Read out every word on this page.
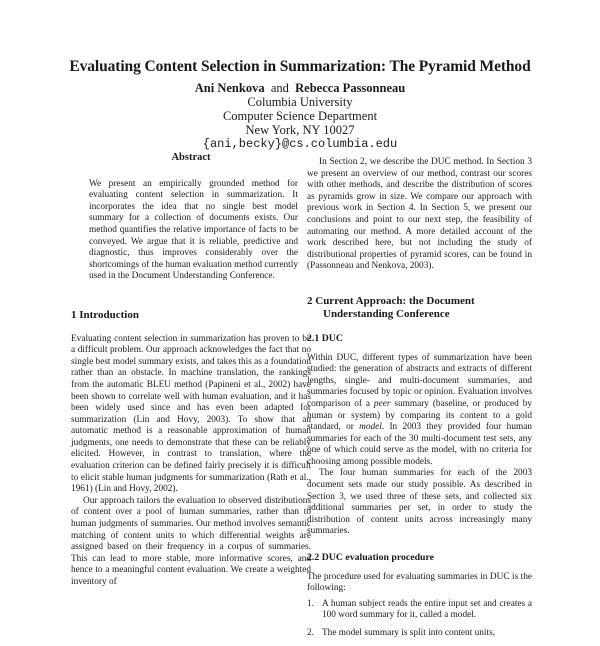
Evaluating Content Selection in Summarization: The Pyramid Method
Ani Nenkova and Rebecca Passonneau
Columbia University
Computer Science Department
New York, NY 10027
{ani,becky}@cs.columbia.edu
Abstract

We present an empirically grounded method for evaluating content selection in summarization. It incorporates the idea that no single best model summary for a collection of documents exists. Our method quantifies the relative importance of facts to be conveyed. We argue that it is reliable, predictive and diagnostic, thus improves considerably over the shortcomings of the human evaluation method currently used in the Document Understanding Conference.

1 Introduction

Evaluating content selection in summarization has proven to be a difficult problem. Our approach acknowledges the fact that no single best model summary exists, and takes this as a foundation rather than an obstacle. In machine translation, the rankings from the automatic BLEU method (Papineni et al., 2002) have been shown to correlate well with human evaluation, and it has been widely used since and has even been adapted for summarization (Lin and Hovy, 2003). To show that an automatic method is a reasonable approximation of human judgments, one needs to demonstrate that these can be reliably elicited. However, in contrast to translation, where the evaluation criterion can be defined fairly precisely it is difficult to elicit stable human judgments for summarization (Rath et al., 1961) (Lin and Hovy, 2002).

Our approach tailors the evaluation to observed distributions of content over a pool of human summaries, rather than to human judgments of summaries. Our method involves semantic matching of content units to which differential weights are assigned based on their frequency in a corpus of summaries. This can lead to more stable, more informative scores, and hence to a meaningful content evaluation. We create a weighted inventory of

In Section 2, we describe the DUC method. In Section 3 we present an overview of our method, contrast our scores with other methods, and describe the distribution of scores as pyramids grow in size. We compare our approach with previous work in Section 4. In Section 5, we present our conclusions and point to our next step, the feasibility of automating our method. A more detailed account of the work described here, but not including the study of distributional properties of pyramid scores, can be found in (Passonneau and Nenkova, 2003).

2 Current Approach: the Document Understanding Conference
2.1 DUC

Within DUC, different types of summarization have been studied: the generation of abstracts and extracts of different lengths, single- and multi-document summaries, and summaries focused by topic or opinion. Evaluation involves comparison of a peer summary (baseline, or produced by human or system) by comparing its content to a gold standard, or model. In 2003 they provided four human summaries for each of the 30 multi-document test sets, any one of which could serve as the model, with no criteria for choosing among possible models.

The four human summaries for each of the 2003 document sets made our study possible. As described in Section 3, we used three of these sets, and collected six additional summaries per set, in order to study the distribution of content units across increasingly many summaries.

2.2 DUC evaluation procedure

The procedure used for evaluating summaries in DUC is the following:

1. A human subject reads the entire input set and creates a 100 word summary for it, called a model.
2. The model summary is split into content units,
